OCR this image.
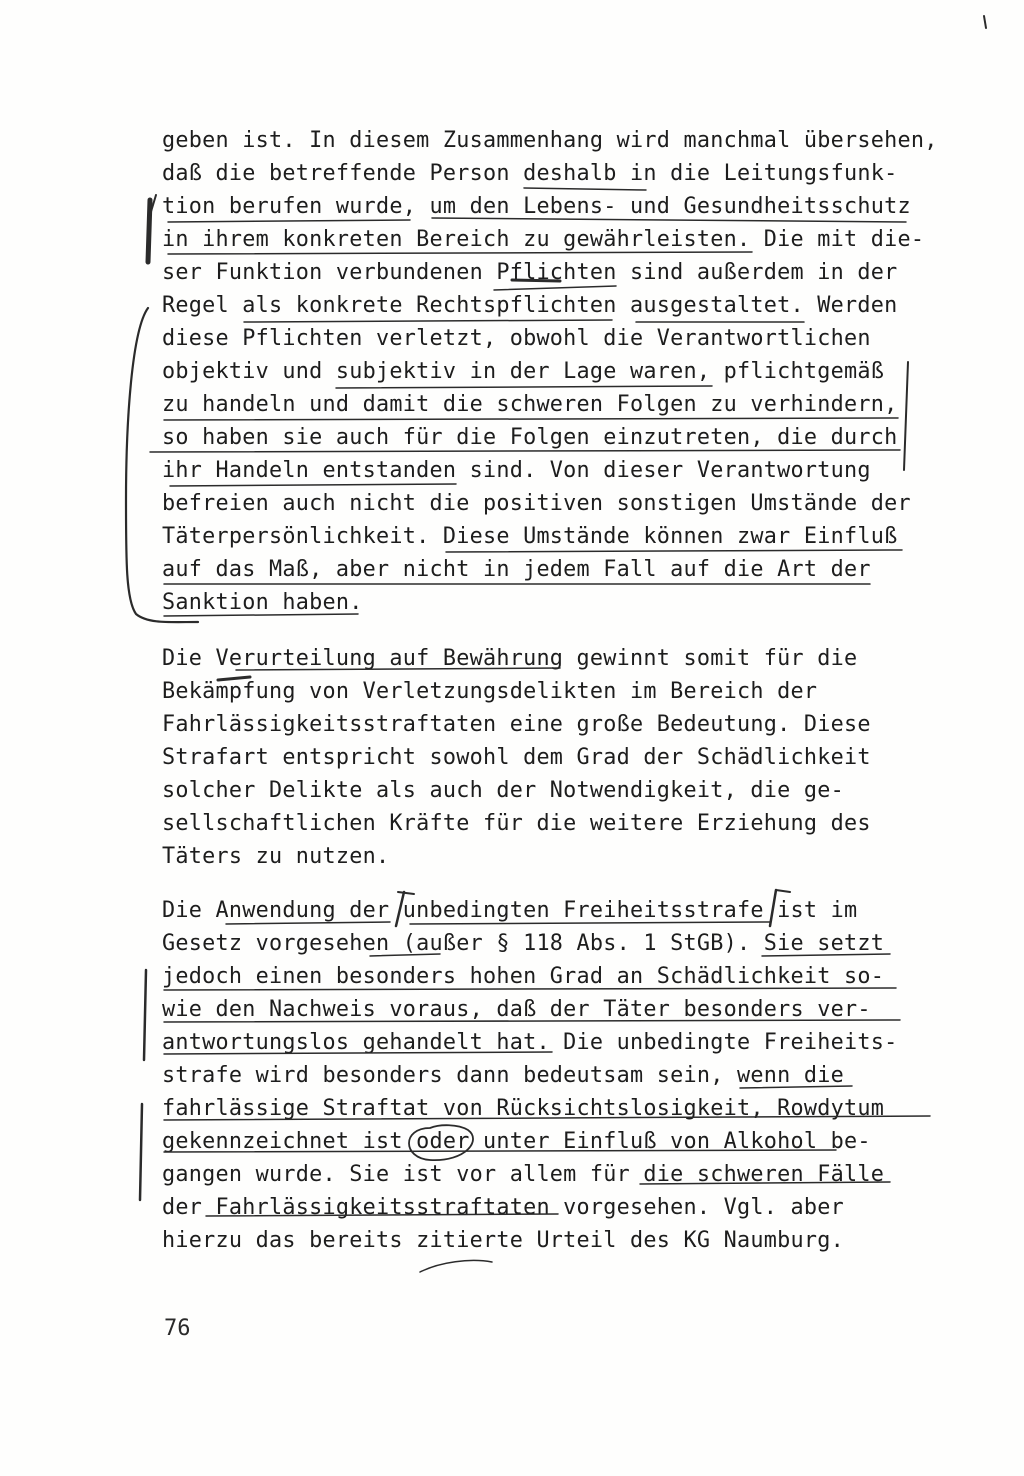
geben ist. In diesem Zusammenhang wird manchmal übersehen,
daß die betreffende Person deshalb in die Leitungsfunk-
tion berufen wurde, um den Lebens- und Gesundheitsschutz
in ihrem konkreten Bereich zu gewährleisten. Die mit die-
ser Funktion verbundenen Pflichten sind außerdem in der
Regel als konkrete Rechtspflichten ausgestaltet. Werden
diese Pflichten verletzt, obwohl die Verantwortlichen
objektiv und subjektiv in der Lage waren, pflichtgemäß
zu handeln und damit die schweren Folgen zu verhindern,
so haben sie auch für die Folgen einzutreten, die durch
ihr Handeln entstanden sind. Von dieser Verantwortung
befreien auch nicht die positiven sonstigen Umstände der
Täterpersönlichkeit. Diese Umstände können zwar Einfluß
auf das Maß, aber nicht in jedem Fall auf die Art der
Sanktion haben.
Die Verurteilung auf Bewährung gewinnt somit für die
Bekämpfung von Verletzungsdelikten im Bereich der
Fahrlässigkeitsstraftaten eine große Bedeutung. Diese
Strafart entspricht sowohl dem Grad der Schädlichkeit
solcher Delikte als auch der Notwendigkeit, die ge-
sellschaftlichen Kräfte für die weitere Erziehung des
Täters zu nutzen.
Die Anwendung der unbedingten Freiheitsstrafe ist im
Gesetz vorgesehen (außer § 118 Abs. 1 StGB). Sie setzt
jedoch einen besonders hohen Grad an Schädlichkeit so-
wie den Nachweis voraus, daß der Täter besonders ver-
antwortungslos gehandelt hat. Die unbedingte Freiheits-
strafe wird besonders dann bedeutsam sein, wenn die
fahrlässige Straftat von Rücksichtslosigkeit, Rowdytum
gekennzeichnet ist oder unter Einfluß von Alkohol be-
gangen wurde. Sie ist vor allem für die schweren Fälle
der Fahrlässigkeitsstraftaten vorgesehen. Vgl. aber
hierzu das bereits zitierte Urteil des KG Naumburg.
76
